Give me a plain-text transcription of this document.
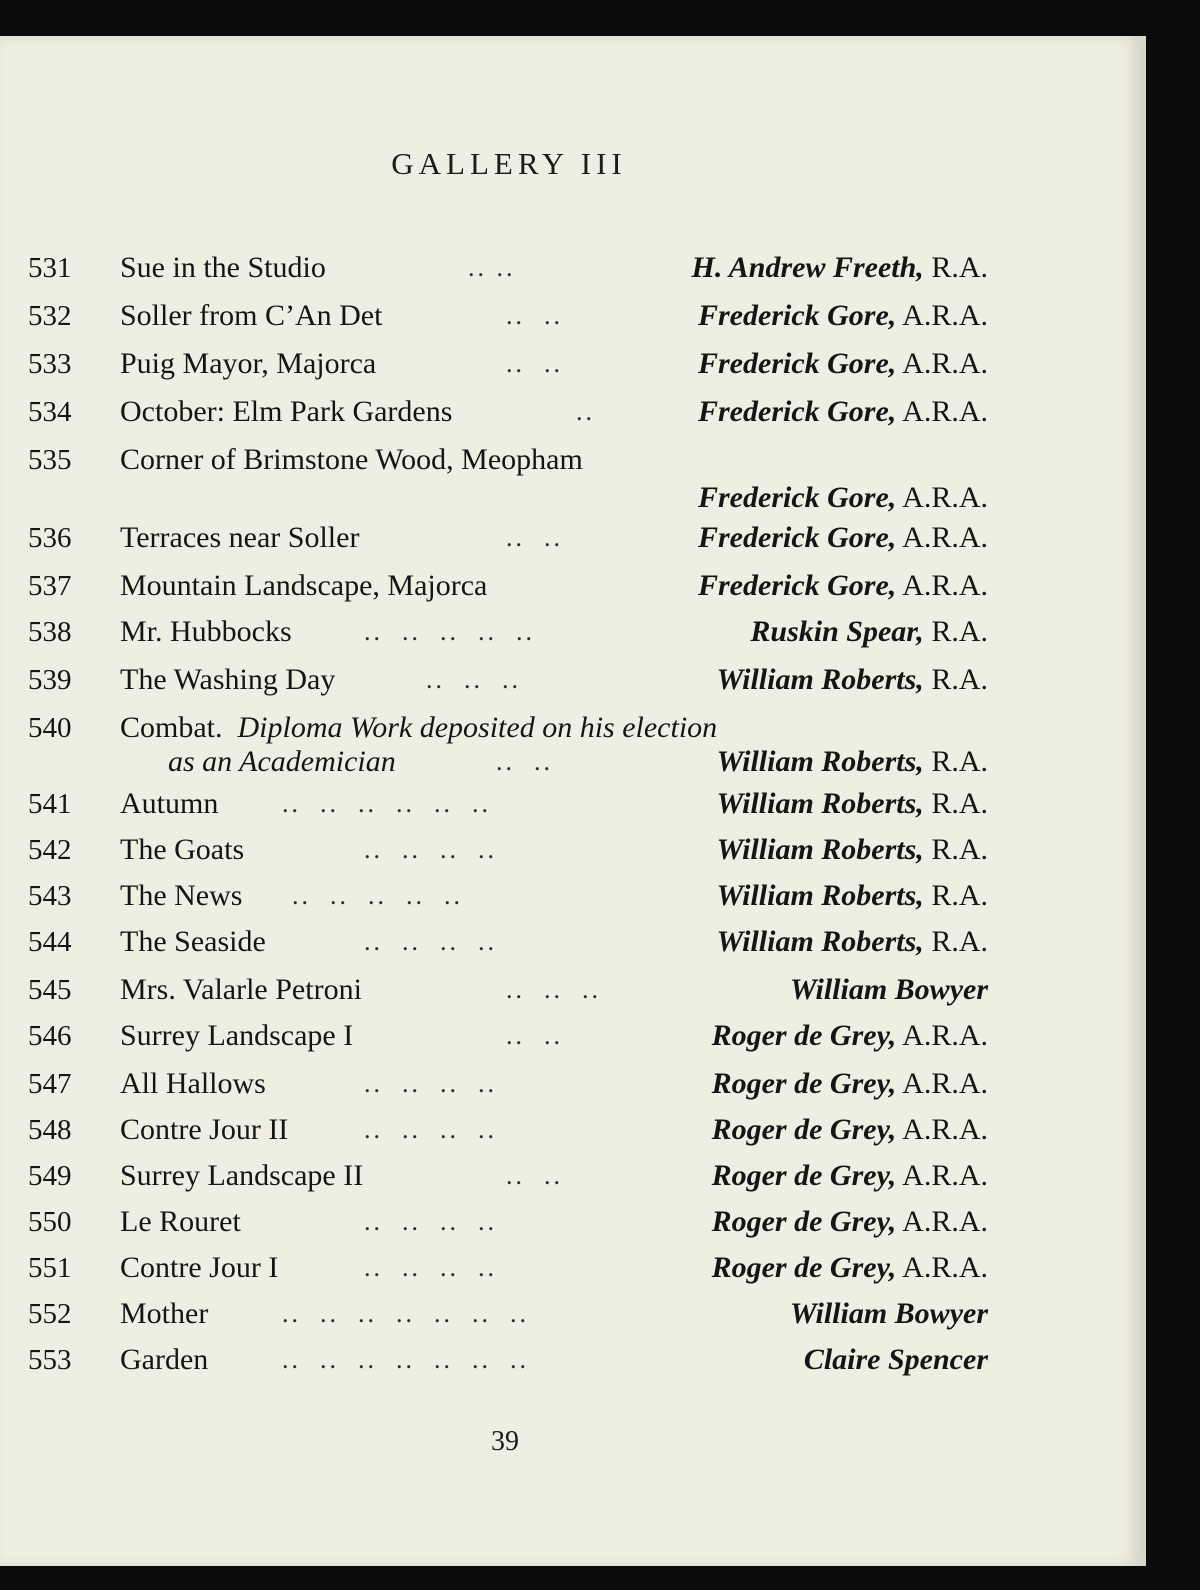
GALLERY III
531 Sue in the Studio	.. ..	H. Andrew Freeth, R.A.
532 Soller from C’An Det	..  ..	Frederick Gore, A.R.A.
533 Puig Mayor, Majorca	..  ..	Frederick Gore, A.R.A.
534 October: Elm Park Gardens	..	Frederick Gore, A.R.A.
535 Corner of Brimstone Wood, Meopham
Frederick Gore, A.R.A.
536 Terraces near Soller	..  ..	Frederick Gore, A.R.A.
537 Mountain Landscape, Majorca	Frederick Gore, A.R.A.
538 Mr. Hubbocks	..  ..  ..  ..  ..	Ruskin Spear, R.A.
539 The Washing Day	..  ..  ..	William Roberts, R.A.
540 Combat. Diploma Work deposited on his election
as an Academician	..  ..	William Roberts, R.A.
541 Autumn ..  ..  ..  ..  ..  ..	William Roberts, R.A.
542 The Goats	..  ..  ..  ..	William Roberts, R.A.
543 The News ..  ..  ..  ..  ..	William Roberts, R.A.
544 The Seaside	..  ..  ..  ..	William Roberts, R.A.
545 Mrs. Valarle Petroni	..  ..  ..	William Bowyer
546 Surrey Landscape I	..  ..	Roger de Grey, A.R.A.
547 All Hallows	..  ..  ..  ..	Roger de Grey, A.R.A.
548 Contre Jour II	..  ..  ..  ..	Roger de Grey, A.R.A.
549 Surrey Landscape II	..  ..	Roger de Grey, A.R.A.
550 Le Rouret	..  ..  ..  ..	Roger de Grey, A.R.A.
551 Contre Jour I	..  ..  ..  ..	Roger de Grey, A.R.A.
552 Mother	..  ..  ..  ..  ..  ..  ..	William Bowyer
553 Garden	..  ..  ..  ..  ..  ..  ..	Claire Spencer
39
